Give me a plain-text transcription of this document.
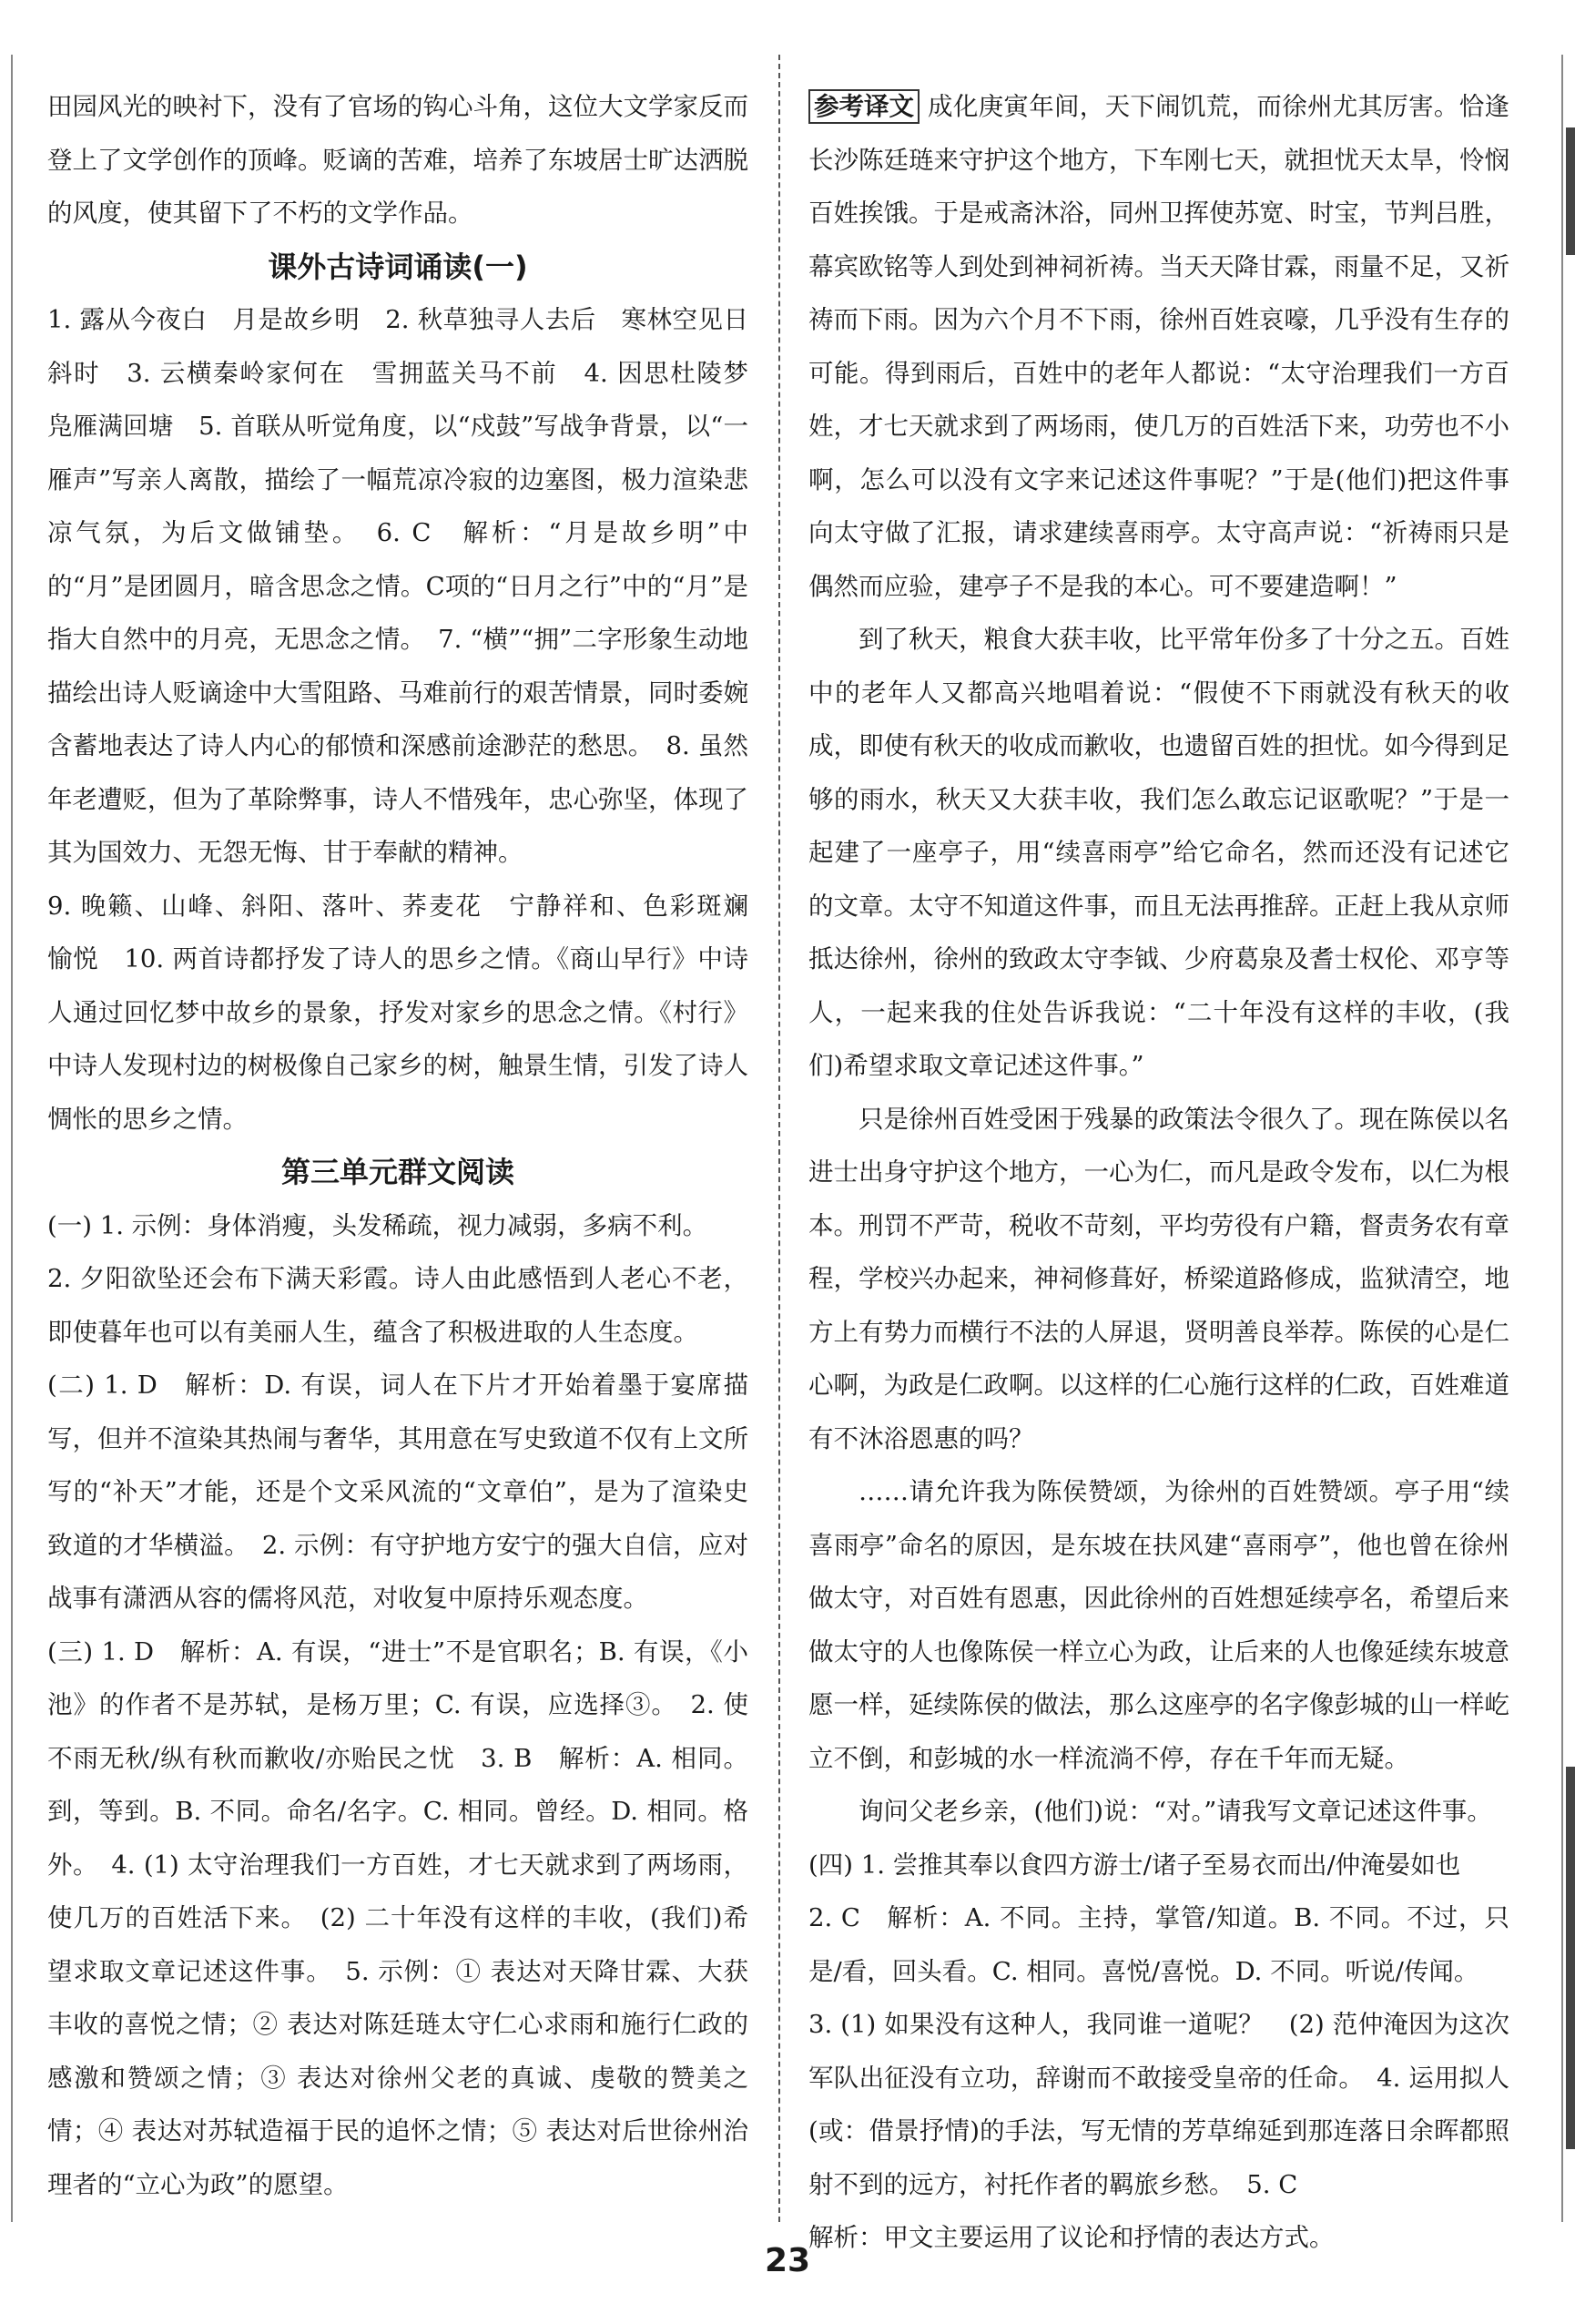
田园风光的映衬下，没有了官场的钩心斗角，这位大文学家反而登上了文学创作的顶峰。贬谪的苦难，培养了东坡居士旷达洒脱的风度，使其留下了不朽的文学作品。

课外古诗词诵读(一)

1. 露从今夜白　月是故乡明　2. 秋草独寻人去后　寒林空见日斜时　3. 云横秦岭家何在　雪拥蓝关马不前　4. 因思杜陵梦　凫雁满回塘　5. 首联从听觉角度，以“戍鼓”写战争背景，以“一雁声”写亲人离散，描绘了一幅荒凉冷寂的边塞图，极力渲染悲凉气氛，为后文做铺垫。　6. C　解析：“月是故乡明”中的“月”是团圆月，暗含思念之情。C项的“日月之行”中的“月”是指大自然中的月亮，无思念之情。　7. “横”“拥”二字形象生动地描绘出诗人贬谪途中大雪阻路、马难前行的艰苦情景，同时委婉含蓄地表达了诗人内心的郁愤和深感前途渺茫的愁思。　8. 虽然年老遭贬，但为了革除弊事，诗人不惜残年，忠心弥坚，体现了其为国效力、无怨无悔、甘于奉献的精神。

9. 晚籁、山峰、斜阳、落叶、荞麦花　宁静祥和、色彩斑斓　愉悦　10. 两首诗都抒发了诗人的思乡之情。《商山早行》中诗人通过回忆梦中故乡的景象，抒发对家乡的思念之情。《村行》中诗人发现村边的树极像自己家乡的树，触景生情，引发了诗人惆怅的思乡之情。

第三单元群文阅读

(一) 1. 示例：身体消瘦，头发稀疏，视力减弱，多病不利。

2. 夕阳欲坠还会布下满天彩霞。诗人由此感悟到人老心不老，即使暮年也可以有美丽人生，蕴含了积极进取的人生态度。

(二) 1. D　解析：D. 有误，词人在下片才开始着墨于宴席描写，但并不渲染其热闹与奢华，其用意在写史致道不仅有上文所写的“补天”才能，还是个文采风流的“文章伯”，是为了渲染史致道的才华横溢。　2. 示例：有守护地方安宁的强大自信，应对战事有潇洒从容的儒将风范，对收复中原持乐观态度。

(三) 1. D　解析：A. 有误，“进士”不是官职名；B. 有误，《小池》的作者不是苏轼，是杨万里；C. 有误，应选择③。　2. 使不雨无秋/纵有秋而歉收/亦贻民之忧　3. B　解析：A. 相同。到，等到。B. 不同。命名/名字。C. 相同。曾经。D. 相同。格外。　4. (1) 太守治理我们一方百姓，才七天就求到了两场雨，使几万的百姓活下来。　(2) 二十年没有这样的丰收，(我们)希望求取文章记述这件事。　5. 示例：① 表达对天降甘霖、大获丰收的喜悦之情；② 表达对陈廷琏太守仁心求雨和施行仁政的感激和赞颂之情；③ 表达对徐州父老的真诚、虔敬的赞美之情；④ 表达对苏轼造福于民的追怀之情；⑤ 表达对后世徐州治理者的“立心为政”的愿望。

参考译文 成化庚寅年间，天下闹饥荒，而徐州尤其厉害。恰逢长沙陈廷琏来守护这个地方，下车刚七天，就担忧天太旱，怜悯百姓挨饿。于是戒斋沐浴，同州卫挥使苏宽、时宝，节判吕胜，幕宾欧铭等人到处到神祠祈祷。当天天降甘霖，雨量不足，又祈祷而下雨。因为六个月不下雨，徐州百姓哀嚎，几乎没有生存的可能。得到雨后，百姓中的老年人都说：“太守治理我们一方百姓，才七天就求到了两场雨，使几万的百姓活下来，功劳也不小啊，怎么可以没有文字来记述这件事呢？”于是(他们)把这件事向太守做了汇报，请求建续喜雨亭。太守高声说：“祈祷雨只是偶然而应验，建亭子不是我的本心。可不要建造啊！”

到了秋天，粮食大获丰收，比平常年份多了十分之五。百姓中的老年人又都高兴地唱着说：“假使不下雨就没有秋天的收成，即使有秋天的收成而歉收，也遗留百姓的担忧。如今得到足够的雨水，秋天又大获丰收，我们怎么敢忘记讴歌呢？”于是一起建了一座亭子，用“续喜雨亭”给它命名，然而还没有记述它的文章。太守不知道这件事，而且无法再推辞。正赶上我从京师抵达徐州，徐州的致政太守李钺、少府葛泉及耆士权伦、邓亨等人，一起来我的住处告诉我说：“二十年没有这样的丰收，(我们)希望求取文章记述这件事。”

只是徐州百姓受困于残暴的政策法令很久了。现在陈侯以名进士出身守护这个地方，一心为仁，而凡是政令发布，以仁为根本。刑罚不严苛，税收不苛刻，平均劳役有户籍，督责务农有章程，学校兴办起来，神祠修葺好，桥梁道路修成，监狱清空，地方上有势力而横行不法的人屏退，贤明善良举荐。陈侯的心是仁心啊，为政是仁政啊。以这样的仁心施行这样的仁政，百姓难道有不沐浴恩惠的吗？

……请允许我为陈侯赞颂，为徐州的百姓赞颂。亭子用“续喜雨亭”命名的原因，是东坡在扶风建“喜雨亭”，他也曾在徐州做太守，对百姓有恩惠，因此徐州的百姓想延续亭名，希望后来做太守的人也像陈侯一样立心为政，让后来的人也像延续东坡意愿一样，延续陈侯的做法，那么这座亭的名字像彭城的山一样屹立不倒，和彭城的水一样流淌不停，存在千年而无疑。

询问父老乡亲，(他们)说：“对。”请我写文章记述这件事。

(四) 1. 尝推其奉以食四方游士/诸子至易衣而出/仲淹晏如也

2. C　解析：A. 不同。主持，掌管/知道。B. 不同。不过，只是/看，回头看。C. 相同。喜悦/喜悦。D. 不同。听说/传闻。

3. (1) 如果没有这种人，我同谁一道呢？　(2) 范仲淹因为这次军队出征没有立功，辞谢而不敢接受皇帝的任命。　4. 运用拟人(或：借景抒情)的手法，写无情的芳草绵延到那连落日余晖都照射不到的远方，衬托作者的羁旅乡愁。　5. C

解析：甲文主要运用了议论和抒情的表达方式。

23
